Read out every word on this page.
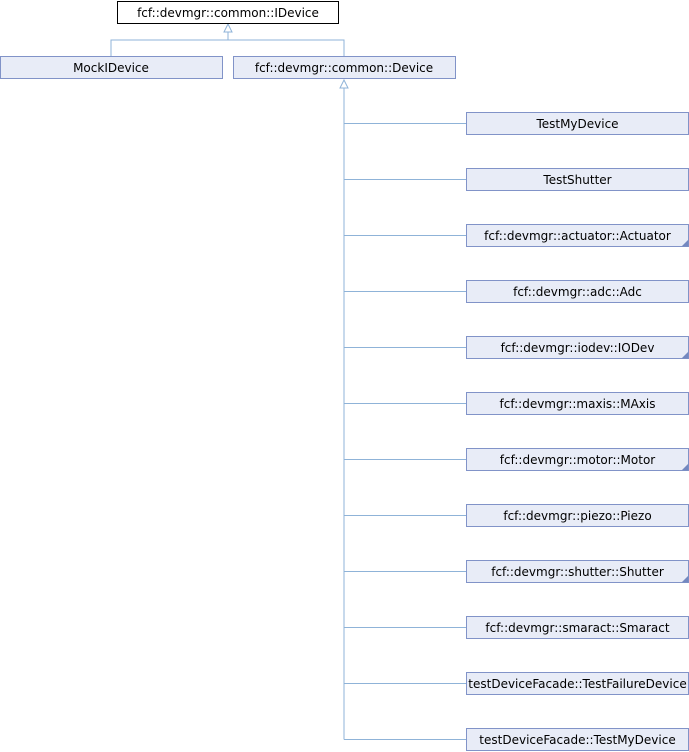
fcf::devmgr::common::IDevice
MockIDevice	fcf::devmgr::common::Device
TestMyDevice
TestShutter
fcf::devmgr::actuator::Actuator
fcf::devmgr::adc::Adc
fcf::devmgr::iodev::IODev
fcf::devmgr::maxis::MAxis
fcf::devmgr::motor::Motor
fcf::devmgr::piezo::Piezo
fcf::devmgr::shutter::Shutter
fcf::devmgr::smaract::Smaract
testDeviceFacade::TestFailureDevice
testDeviceFacade::TestMyDevice
